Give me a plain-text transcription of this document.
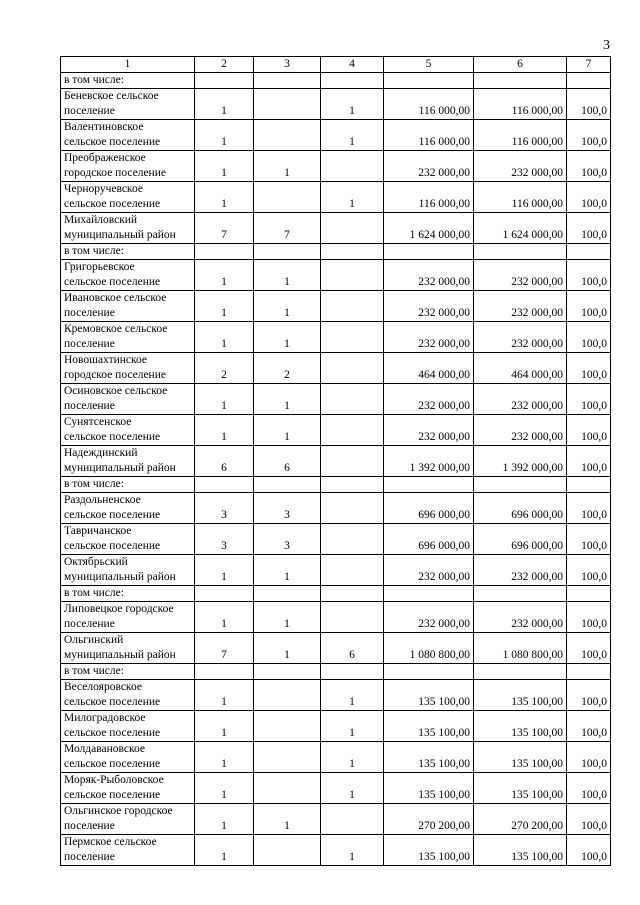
3
1	2	3	4	5	6	7

в том числе:						

Беневское сельское
поселение	1		1	116 000,00	116 000,00	100,0

Валентиновское
сельское поселение	1		1	116 000,00	116 000,00	100,0

Преображенское
городское поселение	1	1		232 000,00	232 000,00	100,0

Черноручевское
сельское поселение	1		1	116 000,00	116 000,00	100,0

Михайловский
муниципальный район	7	7		1 624 000,00	1 624 000,00	100,0

в том числе:						

Григорьевское
сельское поселение	1	1		232 000,00	232 000,00	100,0

Ивановское сельское
поселение	1	1		232 000,00	232 000,00	100,0

Кремовское сельское
поселение	1	1		232 000,00	232 000,00	100,0

Новошахтинское
городское поселение	2	2		464 000,00	464 000,00	100,0

Осиновское сельское
поселение	1	1		232 000,00	232 000,00	100,0

Сунятсенское
сельское поселение	1	1		232 000,00	232 000,00	100,0

Надеждинский
муниципальный район	6	6		1 392 000,00	1 392 000,00	100,0

в том числе:						

Раздольненское
сельское поселение	3	3		696 000,00	696 000,00	100,0

Тавричанское
сельское поселение	3	3		696 000,00	696 000,00	100,0

Октябрьский
муниципальный район	1	1		232 000,00	232 000,00	100,0

в том числе:						

Липовецкое городское
поселение	1	1		232 000,00	232 000,00	100,0

Ольгинский
муниципальный район	7	1	6	1 080 800,00	1 080 800,00	100,0

в том числе:						

Веселояровское
сельское поселение	1		1	135 100,00	135 100,00	100,0

Милоградовское
сельское поселение	1		1	135 100,00	135 100,00	100,0

Молдавановское
сельское поселение	1		1	135 100,00	135 100,00	100,0

Моряк-Рыболовское
сельское поселение	1		1	135 100,00	135 100,00	100,0

Ольгинское городское
поселение	1	1		270 200,00	270 200,00	100,0

Пермское сельское
поселение	1		1	135 100,00	135 100,00	100,0
